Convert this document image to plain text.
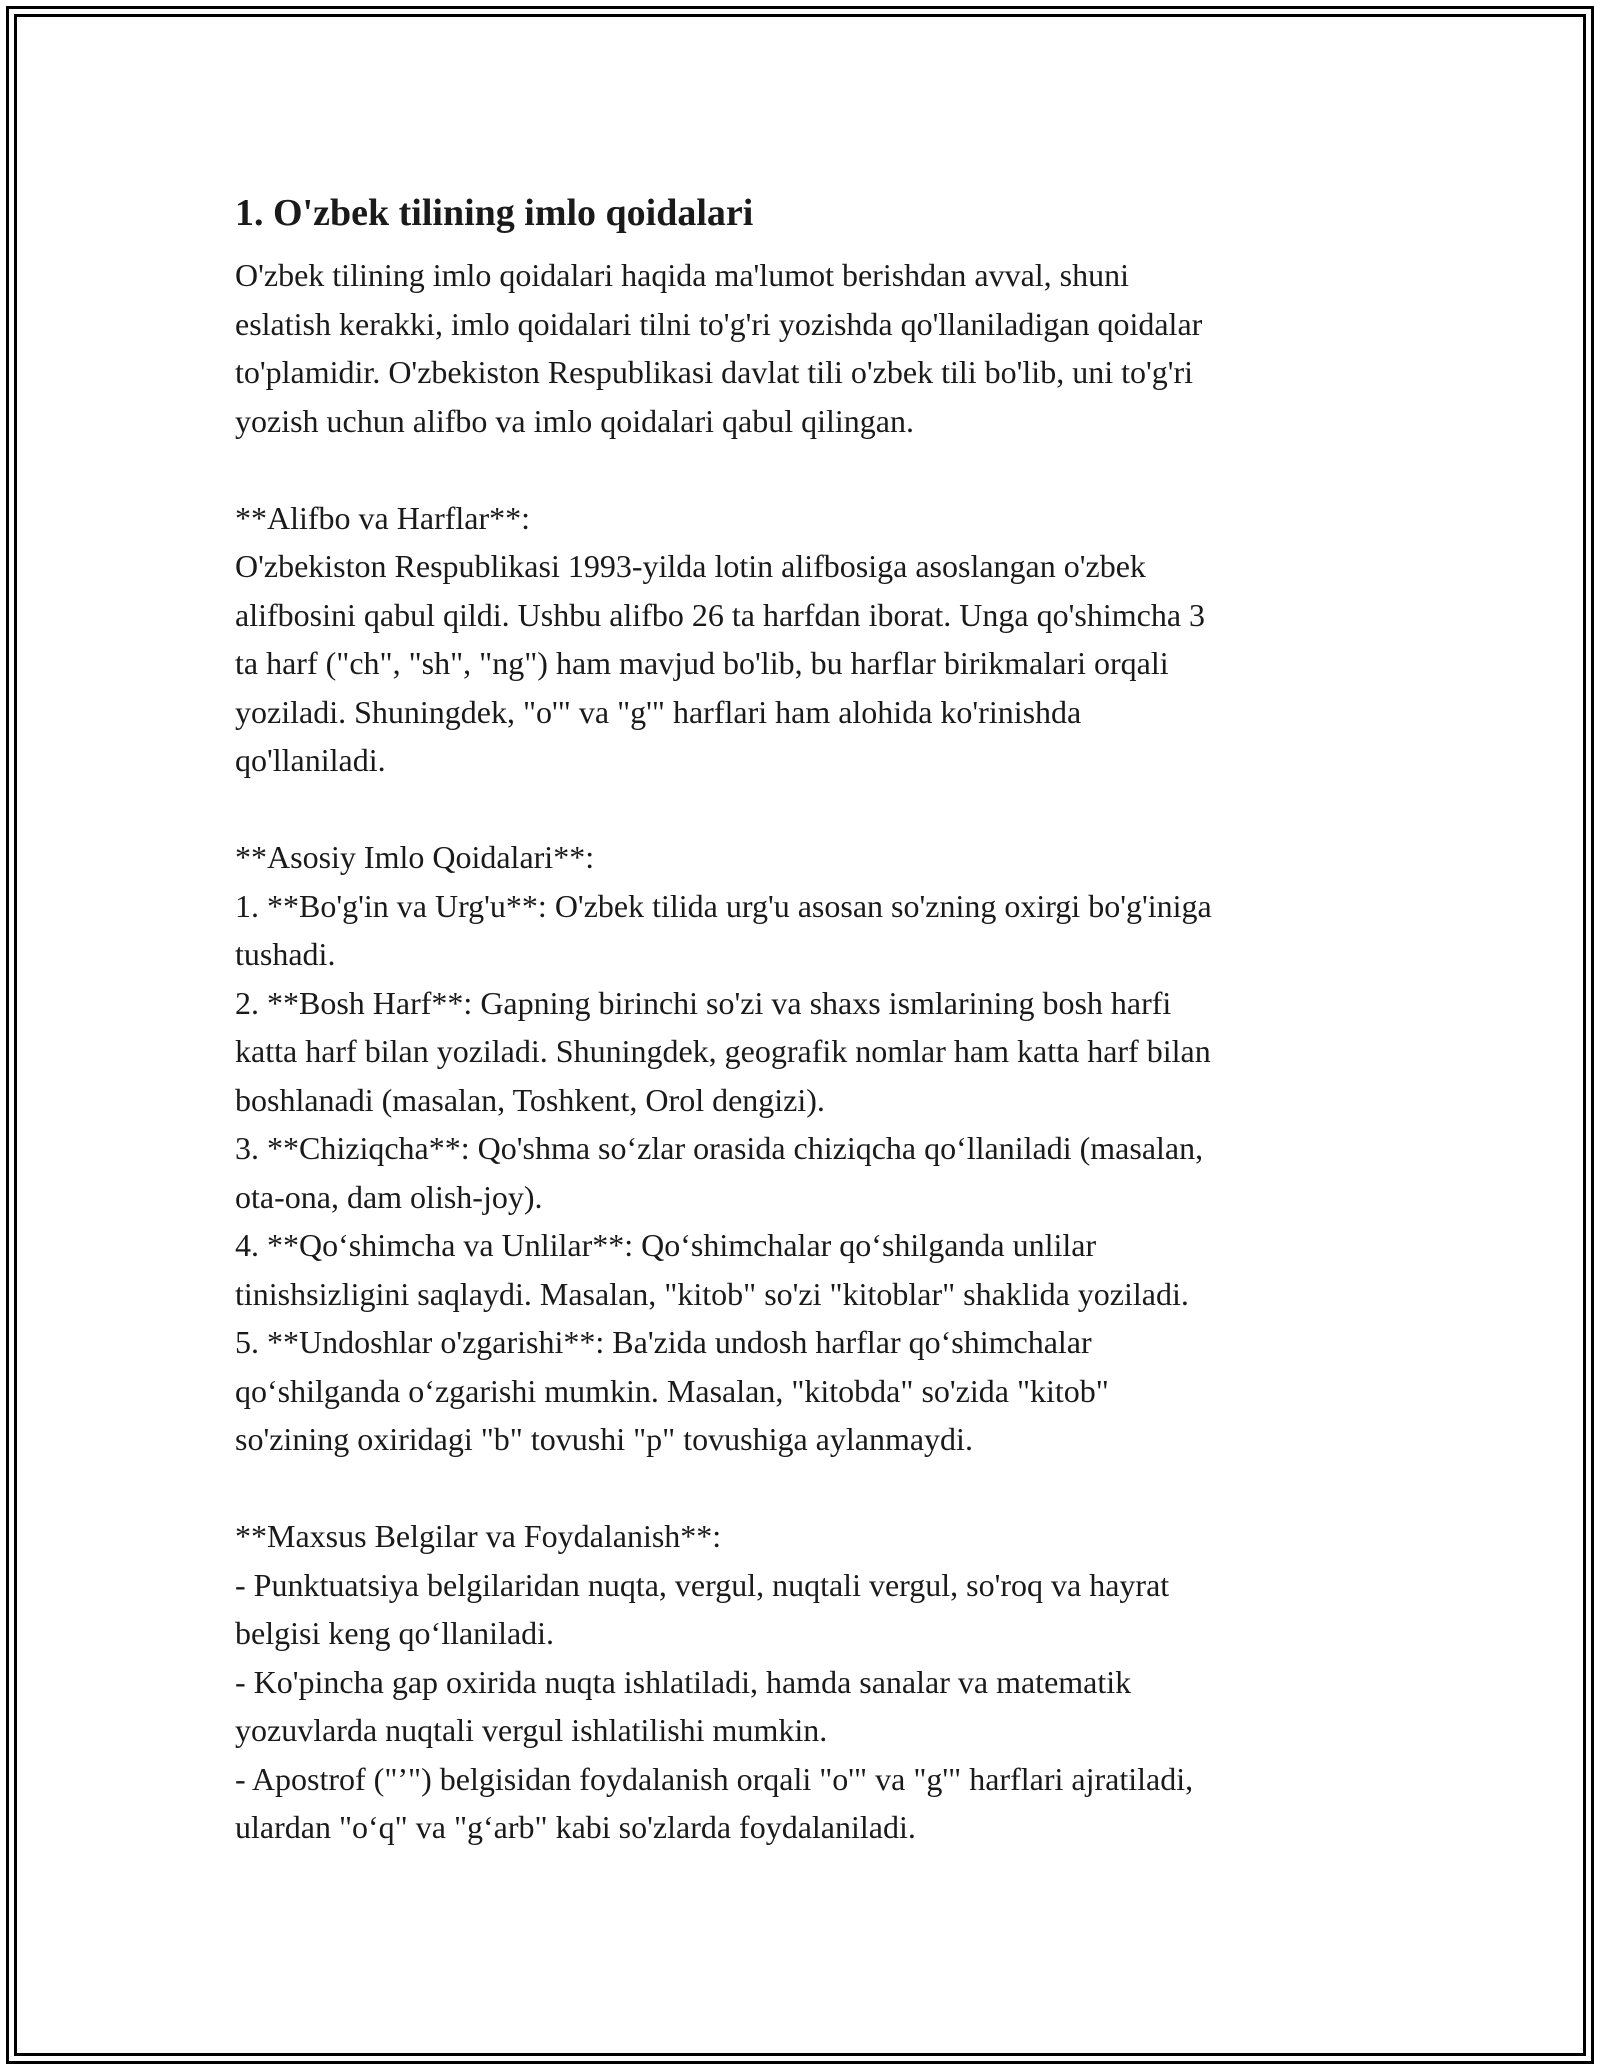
1. O'zbek tilining imlo qoidalari

O'zbek tilining imlo qoidalari haqida ma'lumot berishdan avval, shuni
eslatish kerakki, imlo qoidalari tilni to'g'ri yozishda qo'llaniladigan qoidalar
to'plamidir. O'zbekiston Respublikasi davlat tili o'zbek tili bo'lib, uni to'g'ri
yozish uchun alifbo va imlo qoidalari qabul qilingan.

**Alifbo va Harflar**:
O'zbekiston Respublikasi 1993-yilda lotin alifbosiga asoslangan o'zbek
alifbosini qabul qildi. Ushbu alifbo 26 ta harfdan iborat. Unga qo'shimcha 3
ta harf ("ch", "sh", "ng") ham mavjud bo'lib, bu harflar birikmalari orqali
yoziladi. Shuningdek, "o'" va "g'" harflari ham alohida ko'rinishda
qo'llaniladi.

**Asosiy Imlo Qoidalari**:
1. **Bo'g'in va Urg'u**: O'zbek tilida urg'u asosan so'zning oxirgi bo'g'iniga
tushadi.
2. **Bosh Harf**: Gapning birinchi so'zi va shaxs ismlarining bosh harfi
katta harf bilan yoziladi. Shuningdek, geografik nomlar ham katta harf bilan
boshlanadi (masalan, Toshkent, Orol dengizi).
3. **Chiziqcha**: Qo'shma so‘zlar orasida chiziqcha qo‘llaniladi (masalan,
ota-ona, dam olish-joy).
4. **Qo‘shimcha va Unlilar**: Qo‘shimchalar qo‘shilganda unlilar
tinishsizligini saqlaydi. Masalan, "kitob" so'zi "kitoblar" shaklida yoziladi.
5. **Undoshlar o'zgarishi**: Ba'zida undosh harflar qo‘shimchalar
qo‘shilganda o‘zgarishi mumkin. Masalan, "kitobda" so'zida "kitob"
so'zining oxiridagi "b" tovushi "p" tovushiga aylanmaydi.

**Maxsus Belgilar va Foydalanish**:
- Punktuatsiya belgilaridan nuqta, vergul, nuqtali vergul, so'roq va hayrat
belgisi keng qo‘llaniladi.
- Ko'pincha gap oxirida nuqta ishlatiladi, hamda sanalar va matematik
yozuvlarda nuqtali vergul ishlatilishi mumkin.
- Apostrof ("’") belgisidan foydalanish orqali "o'" va "g'" harflari ajratiladi,
ulardan "o‘q" va "g‘arb" kabi so'zlarda foydalaniladi.
